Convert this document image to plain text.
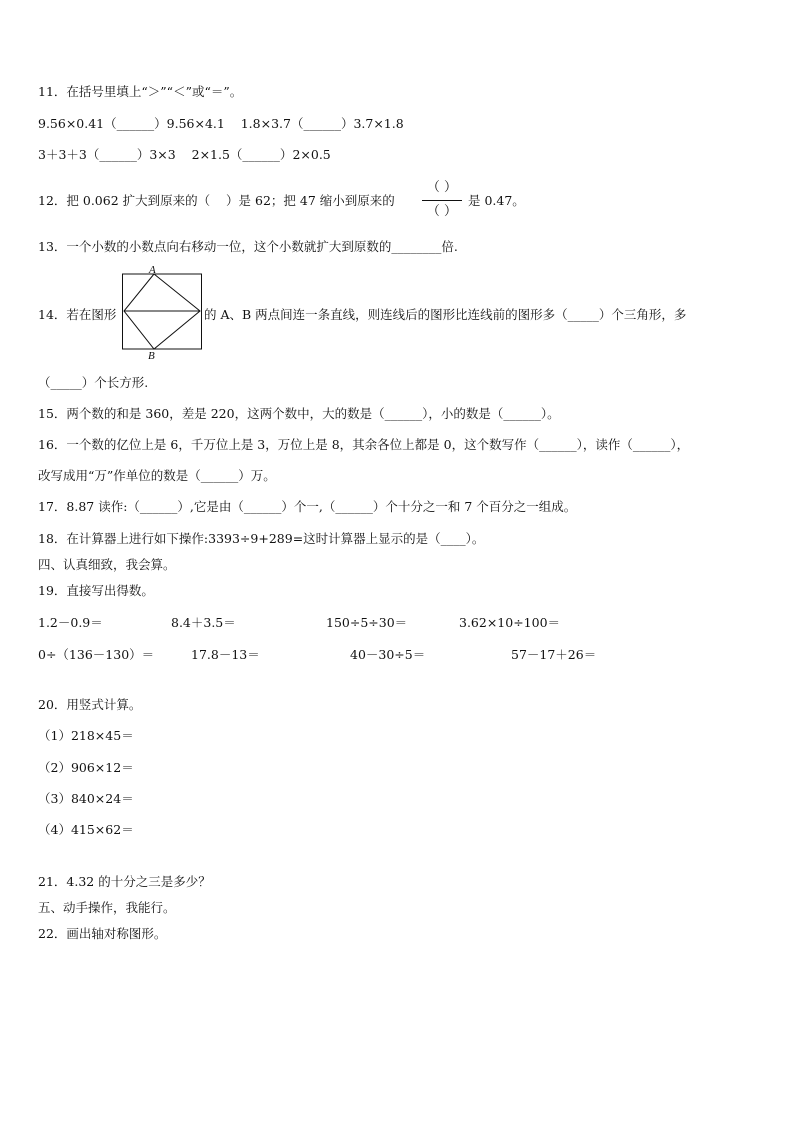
11．在括号里填上“＞”“＜”或“＝”。
9.56×0.41（______）9.56×4.1    1.8×3.7（______）3.7×1.8
3＋3＋3（______）3×3    2×1.5（______）2×0.5
12．把 0.062 扩大到原来的（    ）是 62；把 47 缩小到原来的
（ ）
（ ）
是 0.47。
13．一个小数的小数点向右移动一位，这个小数就扩大到原数的________倍.
14．若在图形
A
B
的 A、B 两点间连一条直线，则连线后的图形比连线前的图形多（_____）个三角形，多
（_____）个长方形.
15．两个数的和是 360，差是 220，这两个数中，大的数是（______），小的数是（______）。
16．一个数的亿位上是 6，千万位上是 3，万位上是 8，其余各位上都是 0，这个数写作（______），读作（______），
改写成用“万”作单位的数是（______）万。
17．8.87 读作:（______）,它是由（______）个一,（______）个十分之一和 7 个百分之一组成。
18．在计算器上进行如下操作:3393÷9+289=这时计算器上显示的是（____）。
四、认真细致，我会算。
19．直接写出得数。
1.2－0.9＝	8.4＋3.5＝	150÷5÷30＝	3.62×10÷100＝
0÷（136－130）＝	17.8－13＝	40－30÷5＝	57－17＋26＝
20．用竖式计算。
（1）218×45＝
（2）906×12＝
（3）840×24＝
（4）415×62＝
21．4.32 的十分之三是多少？
五、动手操作，我能行。
22．画出轴对称图形。
